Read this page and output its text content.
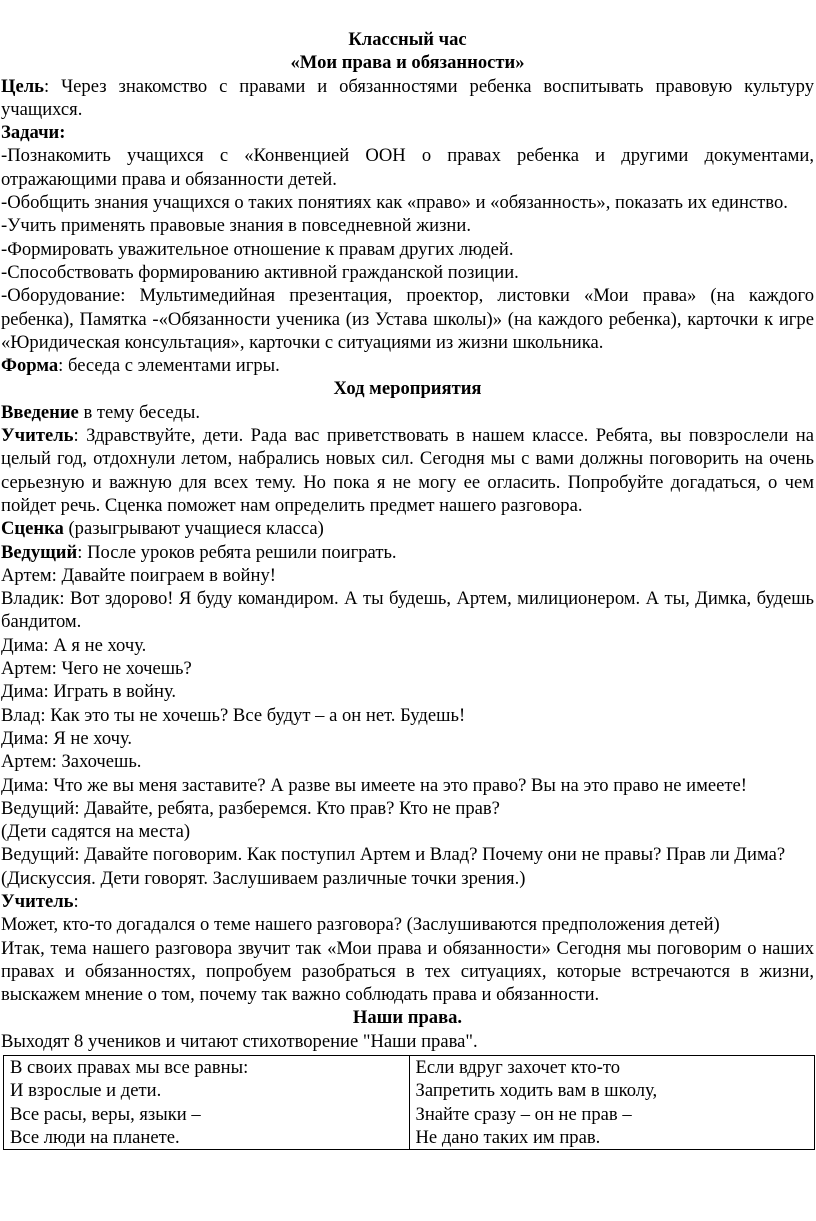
Классный час

«Мои права и обязанности»

Цель: Через знакомство с правами и обязанностями ребенка воспитывать правовую культуру учащихся.

Задачи:

-Познакомить учащихся с «Конвенцией ООН о правах ребенка и другими документами, отражающими права и обязанности детей.

-Обобщить знания учащихся о таких понятиях как «право» и «обязанность», показать их единство.

-Учить применять правовые знания в повседневной жизни.

-Формировать уважительное отношение к правам других людей.

-Способствовать формированию активной гражданской позиции.

-Оборудование: Мультимедийная презентация, проектор, листовки «Мои права» (на каждого ребенка), Памятка -«Обязанности ученика (из Устава школы)» (на каждого ребенка), карточки к игре «Юридическая консультация», карточки с ситуациями из жизни школьника.

Форма: беседа с элементами игры.

Ход мероприятия

Введение в тему беседы.

Учитель: Здравствуйте, дети. Рада вас приветствовать в нашем классе. Ребята, вы повзрослели на целый год, отдохнули летом, набрались новых сил. Сегодня мы с вами должны поговорить на очень серьезную и важную для всех тему. Но пока я не могу ее огласить. Попробуйте догадаться, о чем пойдет речь. Сценка поможет нам определить предмет нашего разговора.

Сценка (разыгрывают учащиеся класса)

Ведущий: После уроков ребята решили поиграть.

Артем: Давайте поиграем в войну!

Владик: Вот здорово! Я буду командиром. А ты будешь, Артем, милиционером. А ты, Димка, будешь бандитом.

Дима: А я не хочу.

Артем: Чего не хочешь?

Дима: Играть в войну.

Влад: Как это ты не хочешь? Все будут – а он нет. Будешь!

Дима: Я не хочу.

Артем: Захочешь.

Дима: Что же вы меня заставите? А разве вы имеете на это право? Вы на это право не имеете!

Ведущий: Давайте, ребята, разберемся. Кто прав? Кто не прав?

(Дети садятся на места)

Ведущий: Давайте поговорим. Как поступил Артем и Влад? Почему они не правы? Прав ли Дима?

(Дискуссия. Дети говорят. Заслушиваем различные точки зрения.)

Учитель:

Может, кто-то догадался о теме нашего разговора? (Заслушиваются предположения детей)

Итак, тема нашего разговора звучит так «Мои права и обязанности» Сегодня мы поговорим о наших правах и обязанностях, попробуем разобраться в тех ситуациях, которые встречаются в жизни, выскажем мнение о том, почему так важно соблюдать права и обязанности.

Наши права.

Выходят 8 учеников и читают стихотворение "Наши права".

В своих правах мы все равны:
И взрослые и дети.
Все расы, веры, языки –
Все люди на планете.

Если вдруг захочет кто-то
Запретить ходить вам в школу,
Знайте сразу – он не прав –
Не дано таких им прав.
